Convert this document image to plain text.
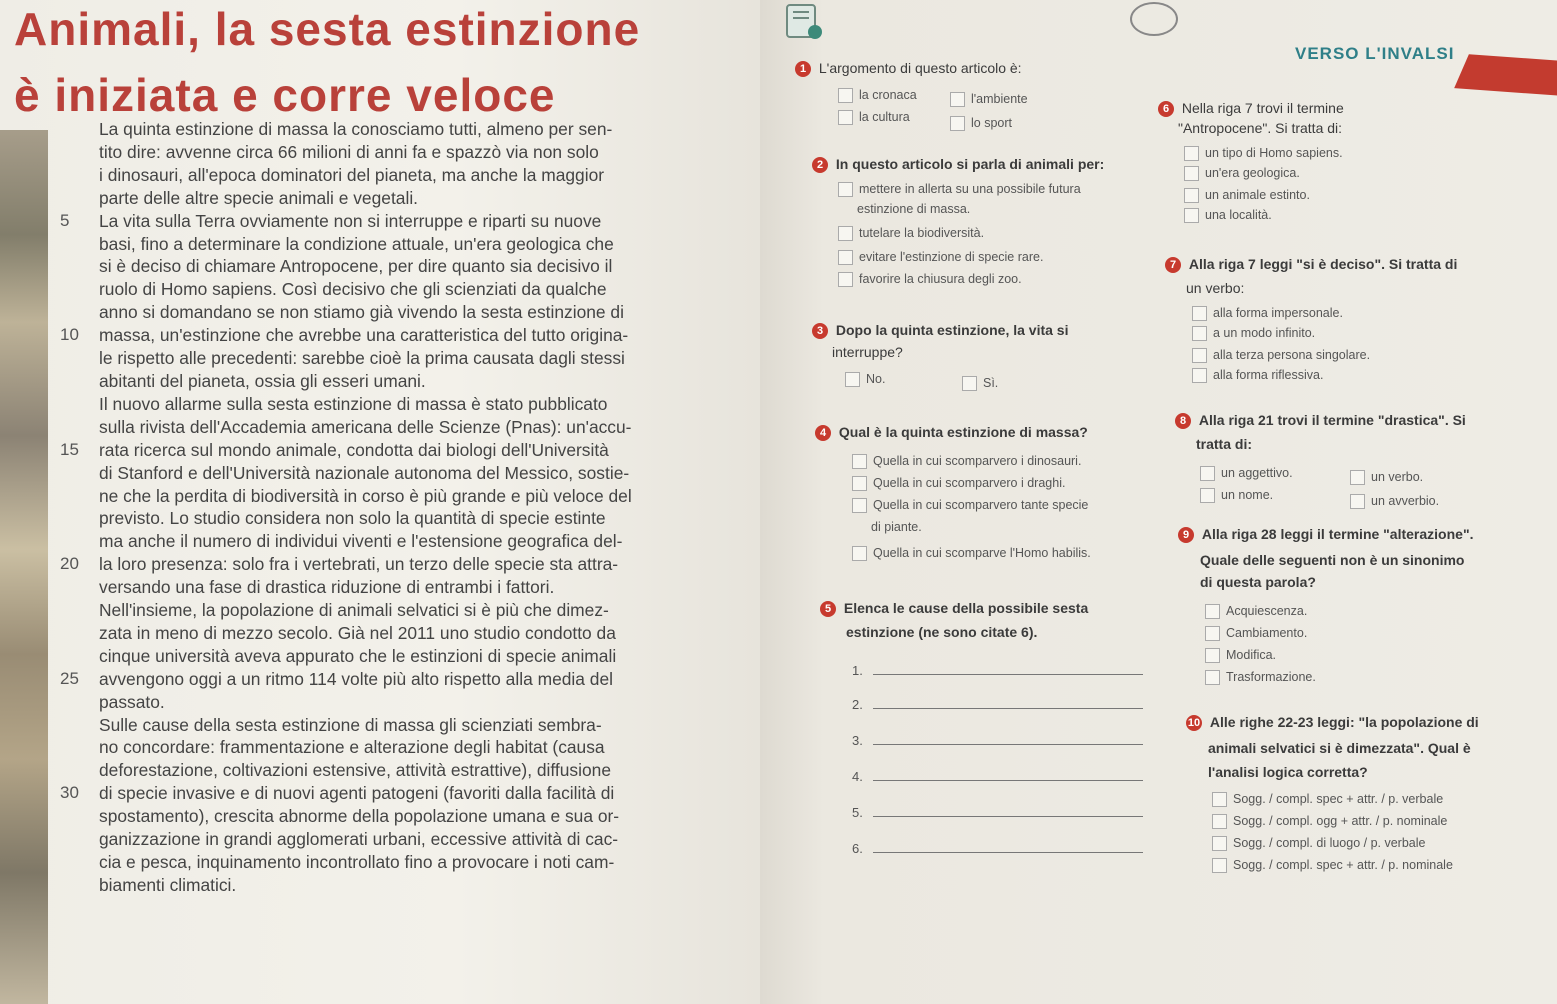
Animali, la sesta estinzione
è iniziata e corre veloce
La quinta estinzione di massa la conosciamo tutti, almeno per sen-
tito dire: avvenne circa 66 milioni di anni fa e spazzò via non solo
i dinosauri, all'epoca dominatori del pianeta, ma anche la maggior
parte delle altre specie animali e vegetali.
5 La vita sulla Terra ovviamente non si interruppe e riparti su nuove
basi, fino a determinare la condizione attuale, un'era geologica che
si è deciso di chiamare Antropocene, per dire quanto sia decisivo il
ruolo di Homo sapiens. Così decisivo che gli scienziati da qualche
anno si domandano se non stiamo già vivendo la sesta estinzione di
10 massa, un'estinzione che avrebbe una caratteristica del tutto origina-
le rispetto alle precedenti: sarebbe cioè la prima causata dagli stessi
abitanti del pianeta, ossia gli esseri umani.
Il nuovo allarme sulla sesta estinzione di massa è stato pubblicato
sulla rivista dell'Accademia americana delle Scienze (Pnas): un'accu-
15 rata ricerca sul mondo animale, condotta dai biologi dell'Università
di Stanford e dell'Università nazionale autonoma del Messico, sostie-
ne che la perdita di biodiversità in corso è più grande e più veloce del
previsto. Lo studio considera non solo la quantità di specie estinte
ma anche il numero di individui viventi e l'estensione geografica del-
20 la loro presenza: solo fra i vertebrati, un terzo delle specie sta attra-
versando una fase di drastica riduzione di entrambi i fattori.
Nell'insieme, la popolazione di animali selvatici si è più che dimez-
zata in meno di mezzo secolo. Già nel 2011 uno studio condotto da
cinque università aveva appurato che le estinzioni di specie animali
25 avvengono oggi a un ritmo 114 volte più alto rispetto alla media del
passato.
Sulle cause della sesta estinzione di massa gli scienziati sembra-
no concordare: frammentazione e alterazione degli habitat (causa
deforestazione, coltivazioni estensive, attività estrattive), diffusione
30 di specie invasive e di nuovi agenti patogeni (favoriti dalla facilità di
spostamento), crescita abnorme della popolazione umana e sua or-
ganizzazione in grandi agglomerati urbani, eccessive attività di cac-
cia e pesca, inquinamento incontrollato fino a provocare i noti cam-
biamenti climatici.
VERSO L'INVALSI
1 L'argomento di questo articolo è:
la cronaca	l'ambiente
la cultura	lo sport
2 In questo articolo si parla di animali per:
mettere in allerta su una possibile futura
estinzione di massa.
tutelare la biodiversità.
evitare l'estinzione di specie rare.
favorire la chiusura degli zoo.
3 Dopo la quinta estinzione, la vita si
interruppe?
No.	Sì.
4 Qual è la quinta estinzione di massa?
Quella in cui scomparvero i dinosauri.
Quella in cui scomparvero i draghi.
Quella in cui scomparvero tante specie
di piante.
Quella in cui scomparve l'Homo habilis.
5 Elenca le cause della possibile sesta
estinzione (ne sono citate 6).
1.
2.
3.
4.
5.
6.
6 Nella riga 7 trovi il termine
"Antropocene". Si tratta di:
un tipo di Homo sapiens.
un'era geologica.
un animale estinto.
una località.
7 Alla riga 7 leggi "si è deciso". Si tratta di
un verbo:
alla forma impersonale.
a un modo infinito.
alla terza persona singolare.
alla forma riflessiva.
8 Alla riga 21 trovi il termine "drastica". Si
tratta di:
un aggettivo.	un verbo.
un nome.	un avverbio.
9 Alla riga 28 leggi il termine "alterazione".
Quale delle seguenti non è un sinonimo
di questa parola?
Acquiescenza.
Cambiamento.
Modifica.
Trasformazione.
10 Alle righe 22-23 leggi: "la popolazione di
animali selvatici si è dimezzata". Qual è
l'analisi logica corretta?
Sogg. / compl. spec + attr. / p. verbale
Sogg. / compl. ogg + attr. / p. nominale
Sogg. / compl. di luogo / p. verbale
Sogg. / compl. spec + attr. / p. nominale
